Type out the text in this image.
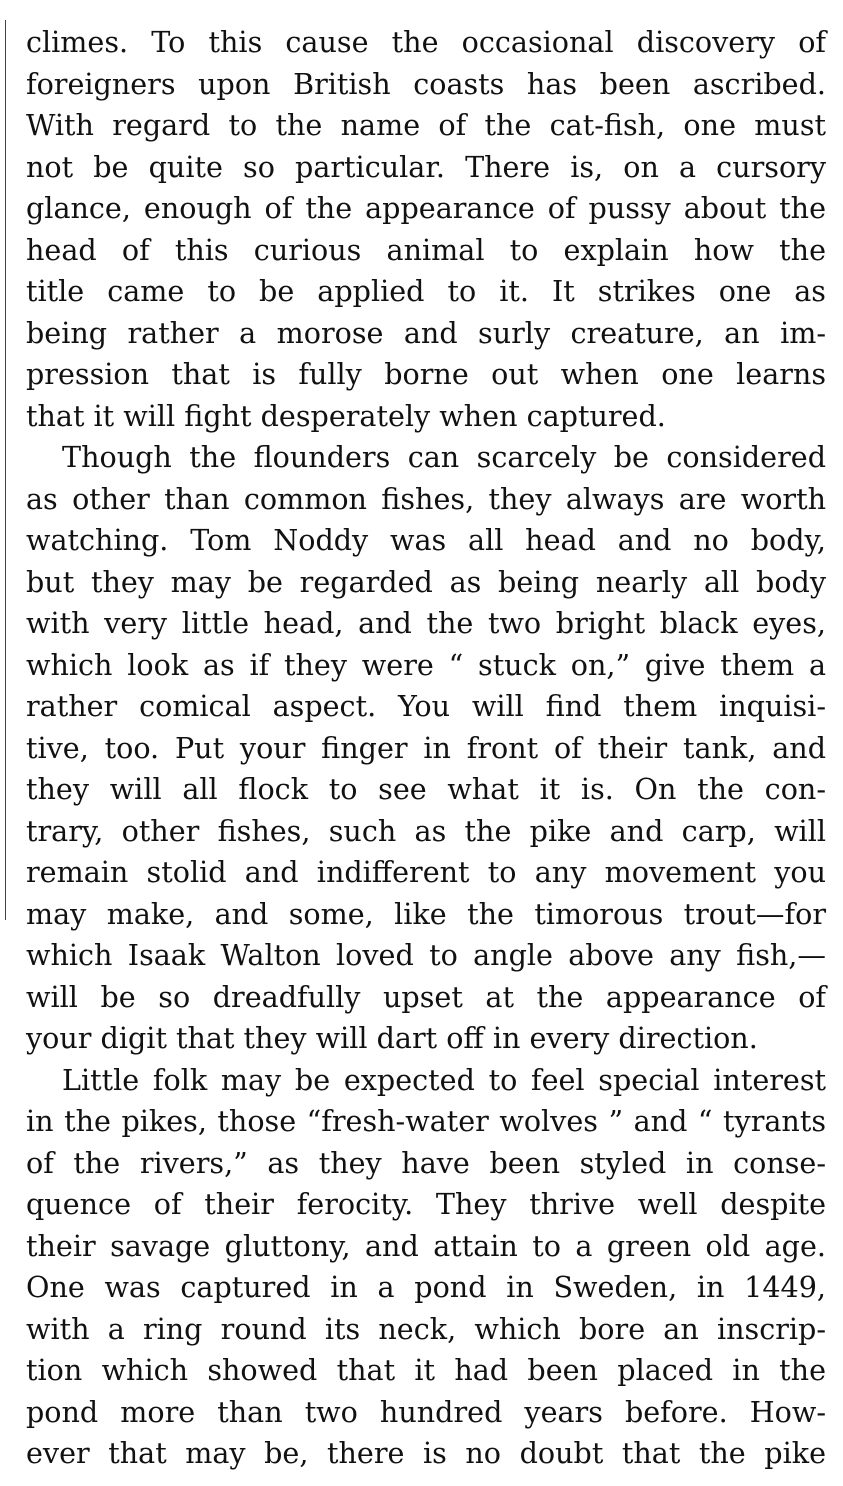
climes. To this cause the occasional discovery of
foreigners upon British coasts has been ascribed.
With regard to the name of the cat-fish, one must
not be quite so particular. There is, on a cursory
glance, enough of the appearance of pussy about the
head of this curious animal to explain how the
title came to be applied to it. It strikes one as
being rather a morose and surly creature, an im-
pression that is fully borne out when one learns
that it will fight desperately when captured.
Though the flounders can scarcely be considered
as other than common fishes, they always are worth
watching. Tom Noddy was all head and no body,
but they may be regarded as being nearly all body
with very little head, and the two bright black eyes,
which look as if they were “ stuck on,” give them a
rather comical aspect. You will find them inquisi-
tive, too. Put your finger in front of their tank, and
they will all flock to see what it is. On the con-
trary, other fishes, such as the pike and carp, will
remain stolid and indifferent to any movement you
may make, and some, like the timorous trout—for
which Isaak Walton loved to angle above any fish,—
will be so dreadfully upset at the appearance of
your digit that they will dart off in every direction.
Little folk may be expected to feel special interest
in the pikes, those “fresh-water wolves ” and “ tyrants
of the rivers,” as they have been styled in conse-
quence of their ferocity. They thrive well despite
their savage gluttony, and attain to a green old age.
One was captured in a pond in Sweden, in 1449,
with a ring round its neck, which bore an inscrip-
tion which showed that it had been placed in the
pond more than two hundred years before. How-
ever that may be, there is no doubt that the pike
